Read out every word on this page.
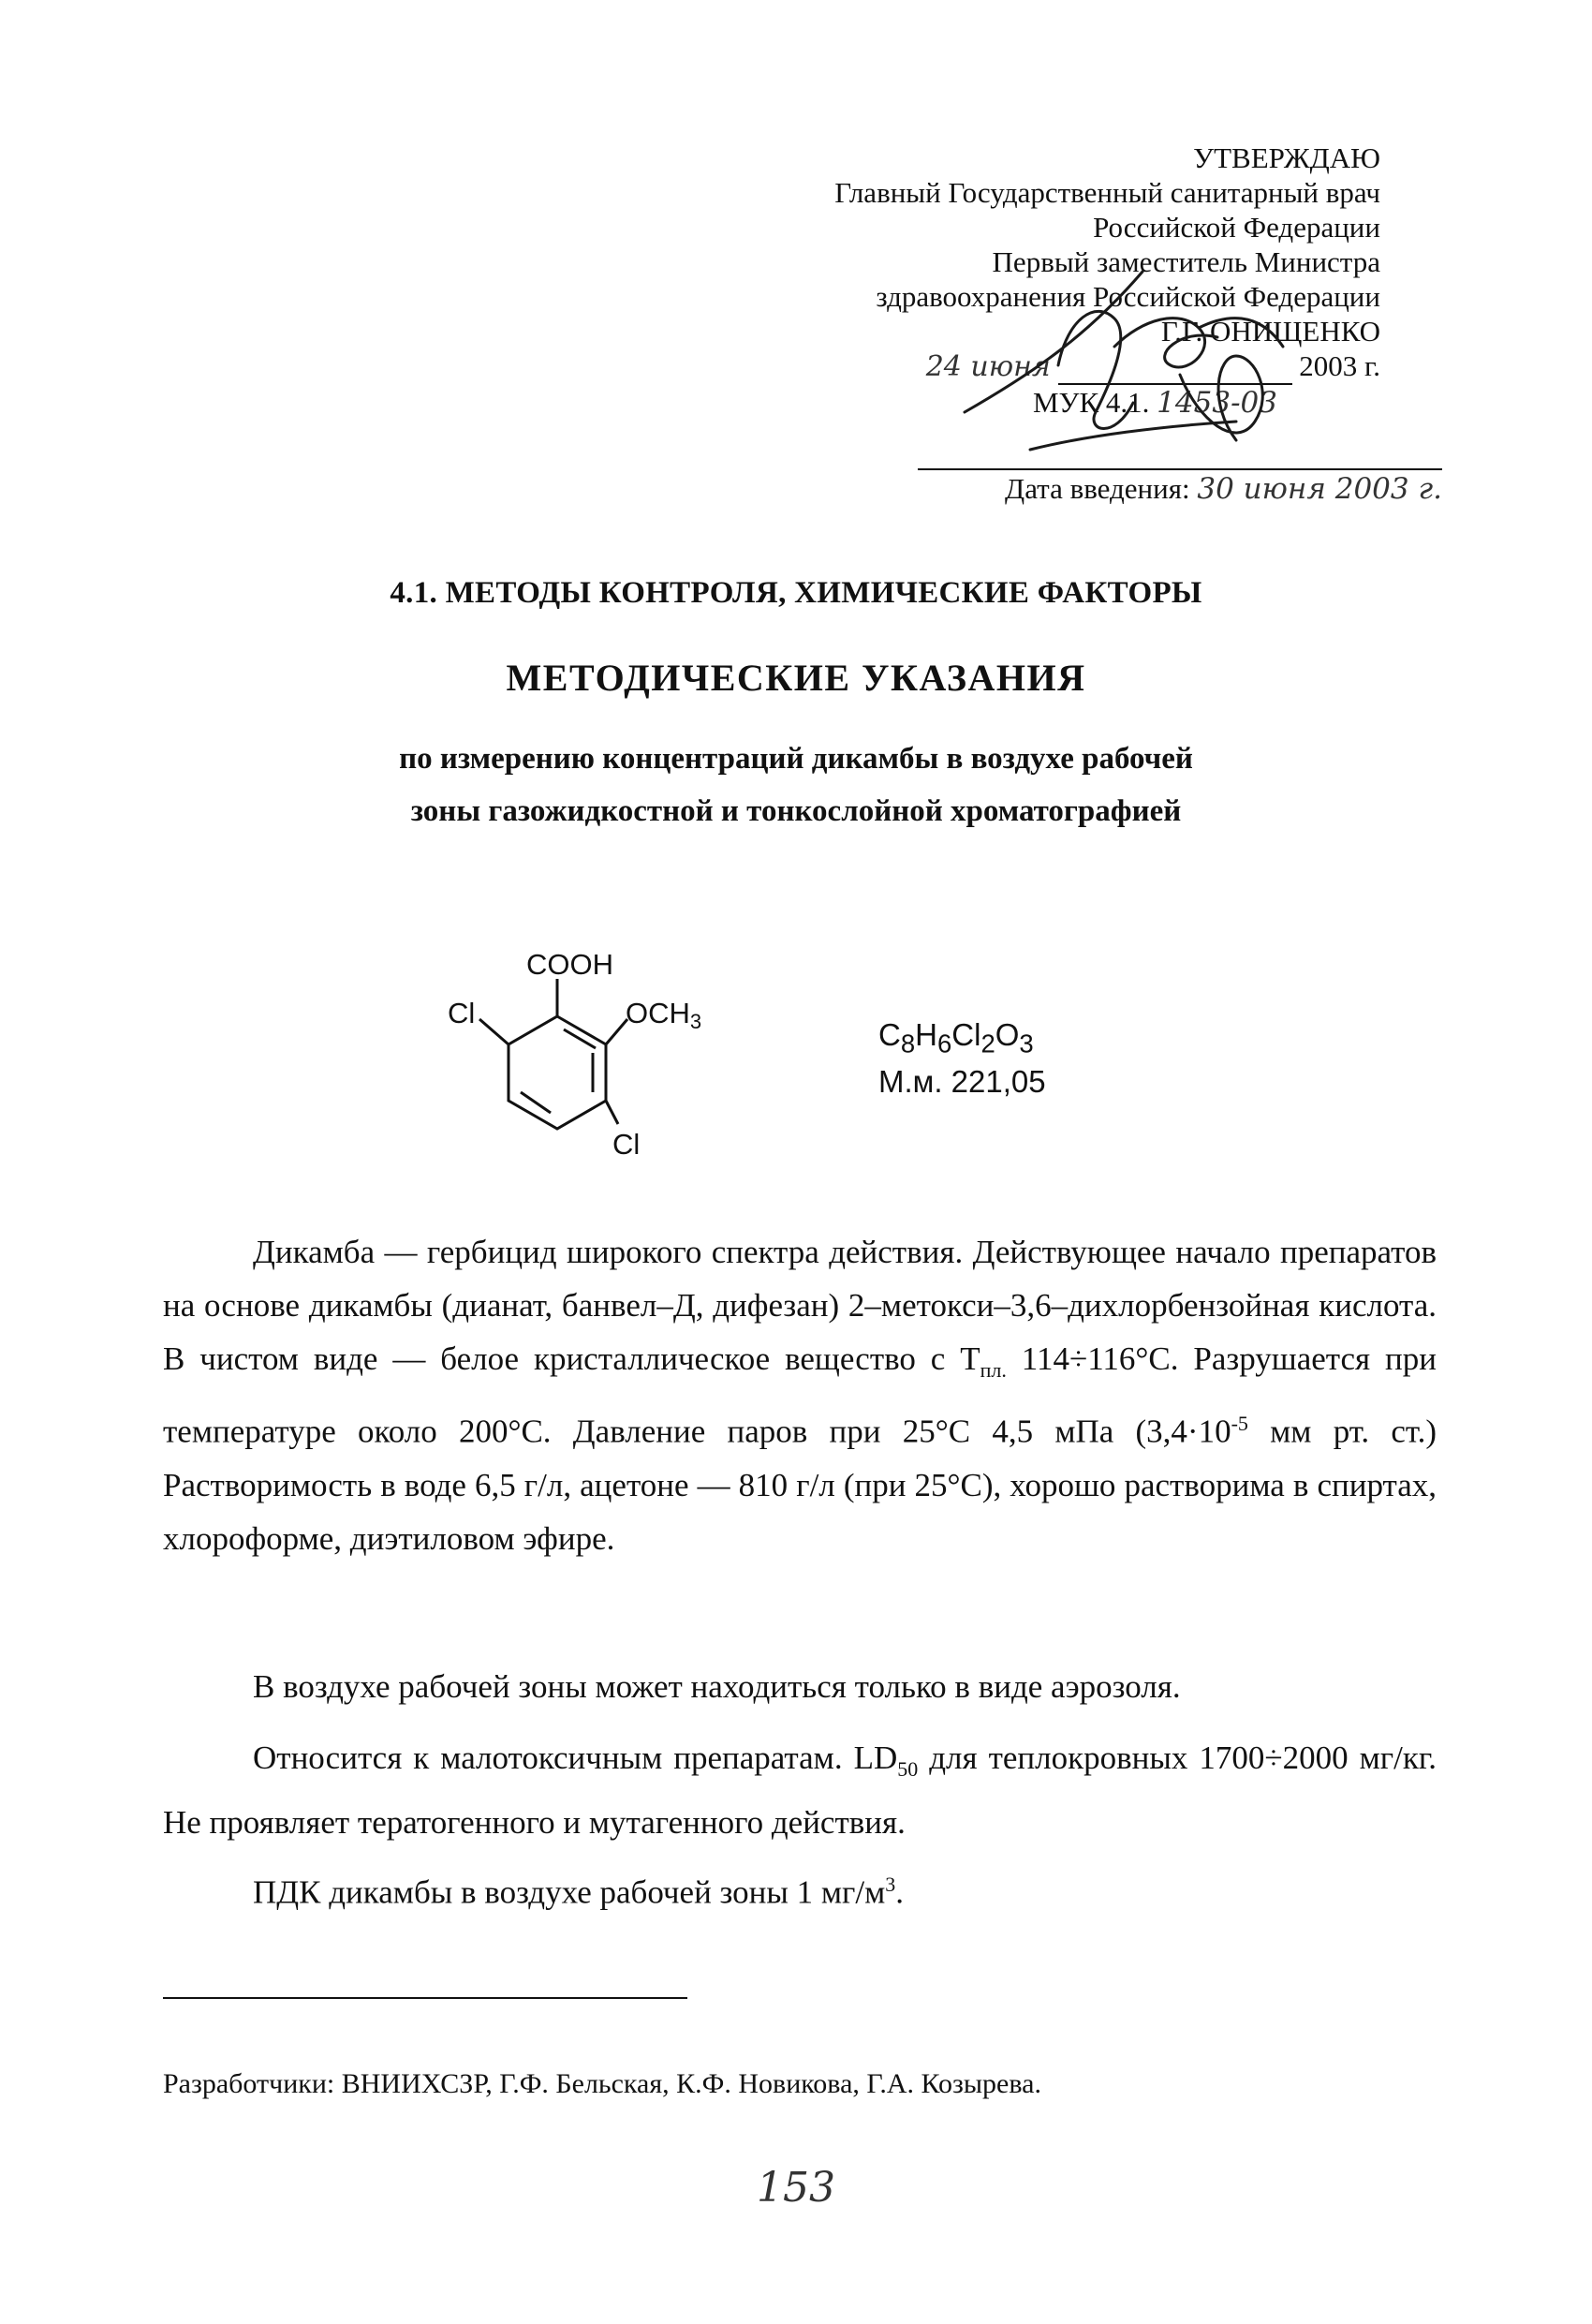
УТВЕРЖДАЮ
Главный Государственный санитарный врач
Российской Федерации
Первый заместитель Министра
здравоохранения Российской Федерации
Г.Г. ОНИЩЕНКО
24 июня	2003 г.
МУК 4.1. 1453-03
Дата введения: 30 июня 2003 г.
4.1. МЕТОДЫ КОНТРОЛЯ, ХИМИЧЕСКИЕ ФАКТОРЫ
МЕТОДИЧЕСКИЕ УКАЗАНИЯ
по измерению концентраций дикамбы в воздухе рабочей
зоны газожидкостной и тонкослойной хроматографией
COOH
OCH3
Cl
Cl
$C_8H_6Cl_2O_3$
М.м. 221,05
Дикамба — гербицид широкого спектра действия. Действующее начало препаратов на основе дикамбы (дианат, банвел–Д, дифезан) 2–метокси–3,6–дихлорбензойная кислота. В чистом виде — белое кристаллическое вещество с $Т_{пл.}$ 114÷116°С. Разрушается при температуре около 200°С. Давление паров при 25°С 4,5 мПа ($3,4\cdot 10^{-5}$ мм рт. ст.) Растворимость в воде 6,5 г/л, ацетоне — 810 г/л (при 25°С), хорошо растворима в спиртах, хлороформе, диэтиловом эфире.
В воздухе рабочей зоны может находиться только в виде аэрозоля.
Относится к малотоксичным препаратам. $LD_{50}$ для теплокровных 1700÷2000 мг/кг. Не проявляет тератогенного и мутагенного действия.
ПДК дикамбы в воздухе рабочей зоны 1 $мг/м^3$.
Разработчики: ВНИИХСЗР, Г.Ф. Бельская, К.Ф. Новикова, Г.А. Козырева.
153
